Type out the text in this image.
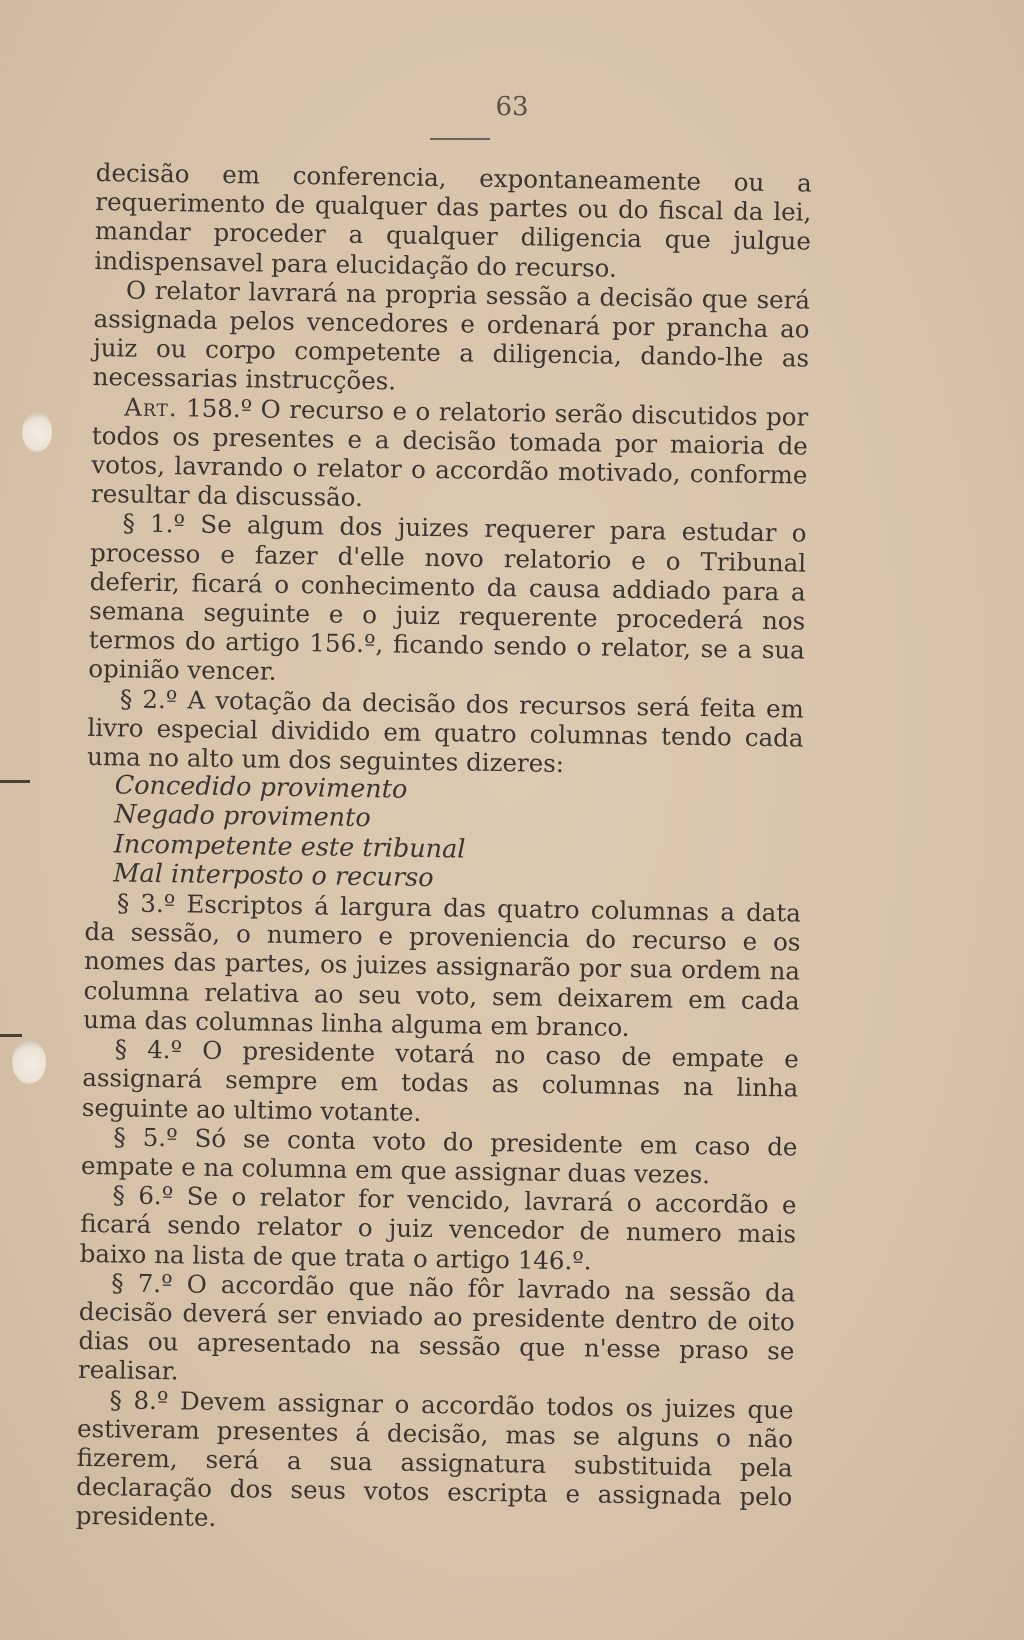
63

decisão em conferencia, expontaneamente ou a requerimento de qualquer das partes ou do fiscal da lei, mandar proceder a qualquer diligencia que julgue indispensavel para elucidação do recurso.

O relator lavrará na propria sessão a decisão que será assignada pelos vencedores e ordenará por prancha ao juiz ou corpo competente a diligencia, dando-lhe as necessarias instrucções.

Art. 158.º O recurso e o relatorio serão discutidos por todos os presentes e a decisão tomada por maioria de votos, lavrando o relator o accordão motivado, conforme resultar da discussão.

§ 1.º Se algum dos juizes requerer para estudar o processo e fazer d'elle novo relatorio e o Tribunal deferir, ficará o conhecimento da causa addiado para a semana seguinte e o juiz requerente procederá nos termos do artigo 156.º, ficando sendo o relator, se a sua opinião vencer.

§ 2.º A votação da decisão dos recursos será feita em livro especial dividido em quatro columnas tendo cada uma no alto um dos seguintes dizeres:

Concedido provimento

Negado provimento

Incompetente este tribunal

Mal interposto o recurso

§ 3.º Escriptos á largura das quatro columnas a data da sessão, o numero e proveniencia do recurso e os nomes das partes, os juizes assignarão por sua ordem na columna relativa ao seu voto, sem deixarem em cada uma das columnas linha alguma em branco.

§ 4.º O presidente votará no caso de empate e assignará sempre em todas as columnas na linha seguinte ao ultimo votante.

§ 5.º Só se conta voto do presidente em caso de empate e na columna em que assignar duas vezes.

§ 6.º Se o relator for vencido, lavrará o accordão e ficará sendo relator o juiz vencedor de numero mais baixo na lista de que trata o artigo 146.º.

§ 7.º O accordão que não fôr lavrado na sessão da decisão deverá ser enviado ao presidente dentro de oito dias ou apresentado na sessão que n'esse praso se realisar.

§ 8.º Devem assignar o accordão todos os juizes que estiveram presentes á decisão, mas se alguns o não fizerem, será a sua assignatura substituida pela declaração dos seus votos escripta e assignada pelo presidente.
